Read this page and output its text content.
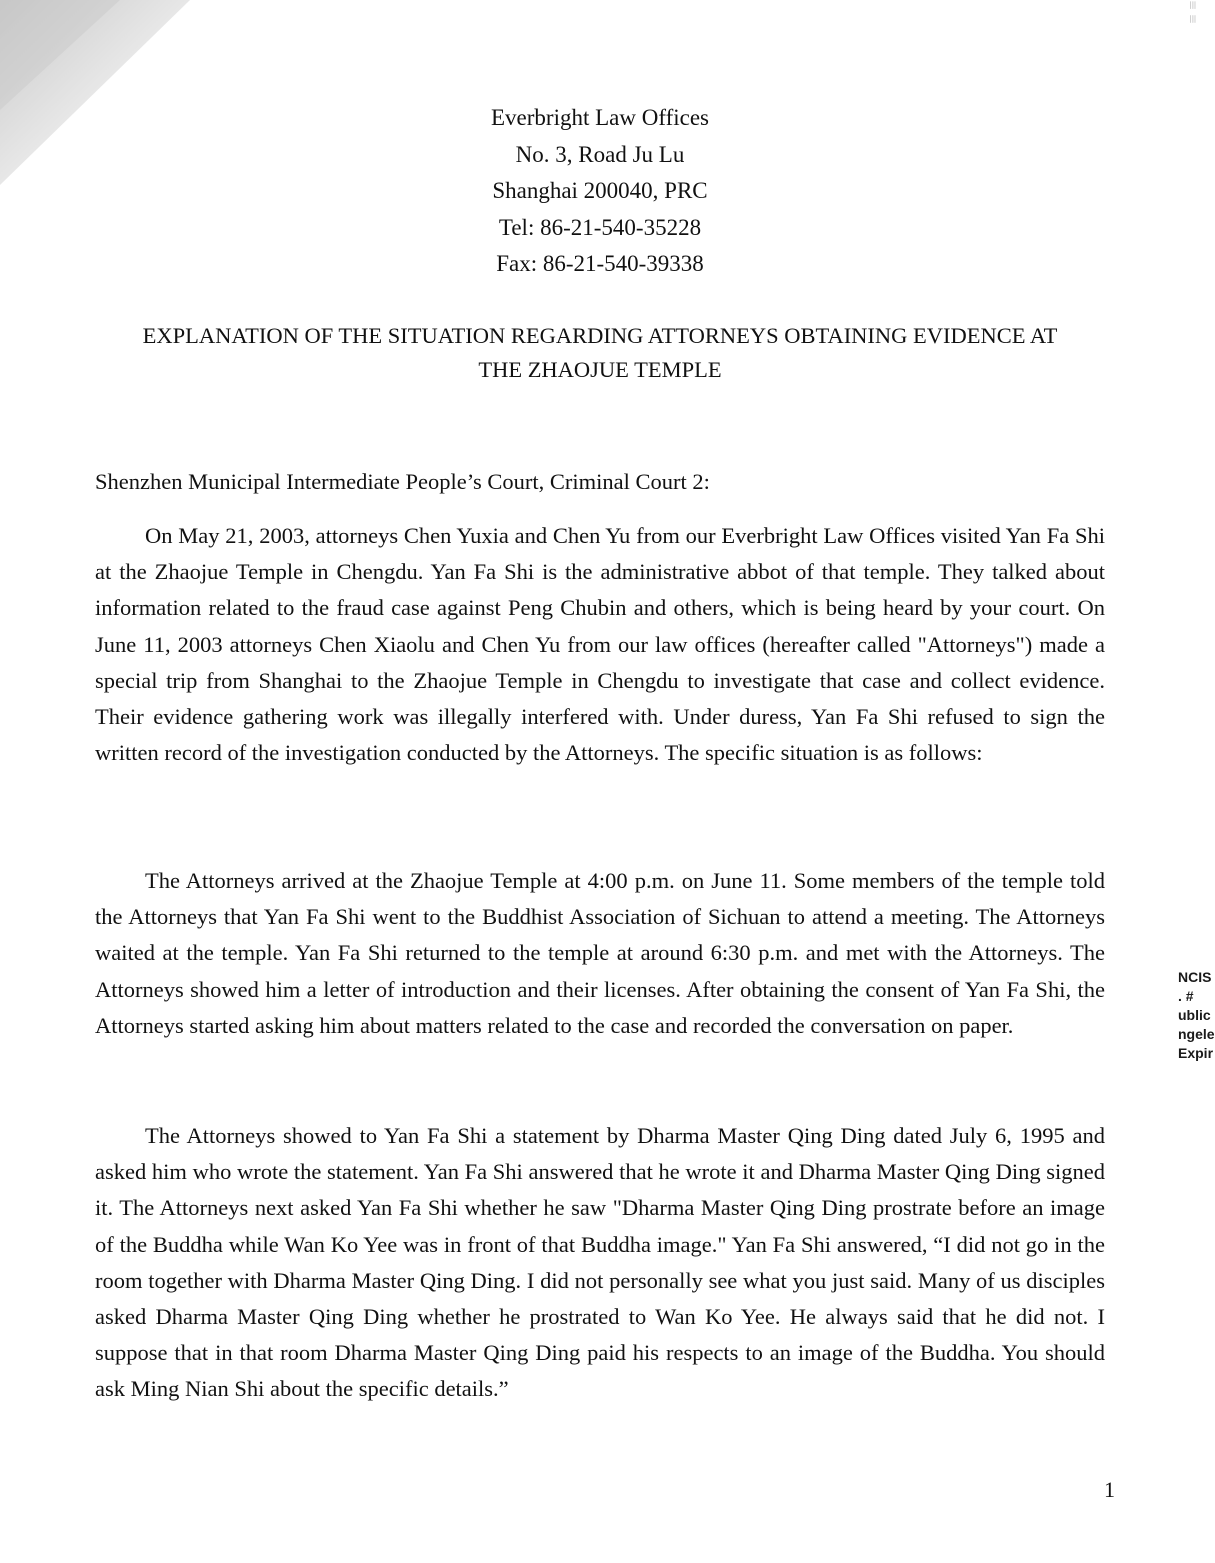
≡ ≡
Everbright Law Offices
No. 3, Road Ju Lu
Shanghai 200040, PRC
Tel: 86-21-540-35228
Fax: 86-21-540-39338
EXPLANATION OF THE SITUATION REGARDING ATTORNEYS OBTAINING EVIDENCE AT
THE ZHAOJUE TEMPLE
Shenzhen Municipal Intermediate People’s Court, Criminal Court 2:

On May 21, 2003, attorneys Chen Yuxia and Chen Yu from our Everbright Law Offices visited Yan Fa Shi at the Zhaojue Temple in Chengdu. Yan Fa Shi is the administrative abbot of that temple. They talked about information related to the fraud case against Peng Chubin and others, which is being heard by your court. On June 11, 2003 attorneys Chen Xiaolu and Chen Yu from our law offices (hereafter called "Attorneys") made a special trip from Shanghai to the Zhaojue Temple in Chengdu to investigate that case and collect evidence. Their evidence gathering work was illegally interfered with. Under duress, Yan Fa Shi refused to sign the written record of the investigation conducted by the Attorneys. The specific situation is as follows:

The Attorneys arrived at the Zhaojue Temple at 4:00 p.m. on June 11. Some members of the temple told the Attorneys that Yan Fa Shi went to the Buddhist Association of Sichuan to attend a meeting. The Attorneys waited at the temple. Yan Fa Shi returned to the temple at around 6:30 p.m. and met with the Attorneys. The Attorneys showed him a letter of introduction and their licenses. After obtaining the consent of Yan Fa Shi, the Attorneys started asking him about matters related to the case and recorded the conversation on paper.

The Attorneys showed to Yan Fa Shi a statement by Dharma Master Qing Ding dated July 6, 1995 and asked him who wrote the statement. Yan Fa Shi answered that he wrote it and Dharma Master Qing Ding signed it. The Attorneys next asked Yan Fa Shi whether he saw "Dharma Master Qing Ding prostrate before an image of the Buddha while Wan Ko Yee was in front of that Buddha image." Yan Fa Shi answered, “I did not go in the room together with Dharma Master Qing Ding. I did not personally see what you just said. Many of us disciples asked Dharma Master Qing Ding whether he prostrated to Wan Ko Yee. He always said that he did not. I suppose that in that room Dharma Master Qing Ding paid his respects to an image of the Buddha. You should ask Ming Nian Shi about the specific details.”

1
NCIS
. #
ublic
ngele
Expir
